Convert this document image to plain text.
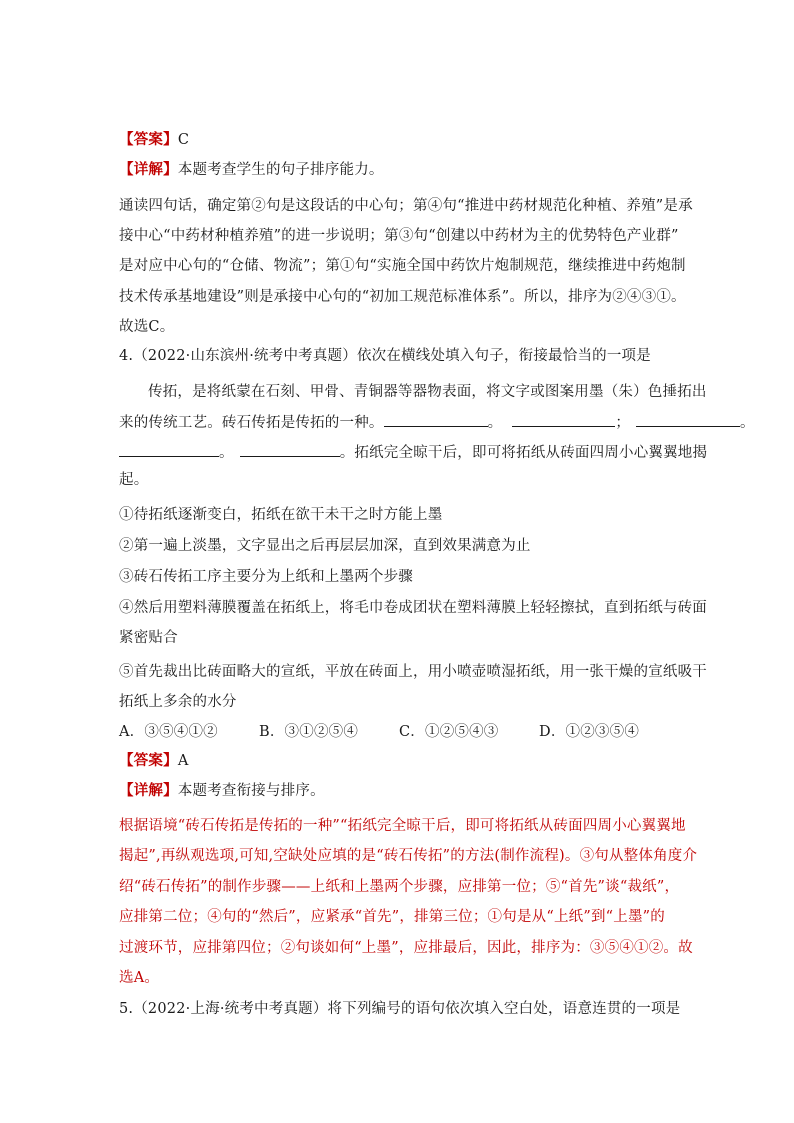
【答案】C
【详解】本题考查学生的句子排序能力。
通读四句话，确定第②句是这段话的中心句；第④句“推进中药材规范化种植、养殖”是承
接中心“中药材种植养殖”的进一步说明；第③句“创建以中药材为主的优势特色产业群”
是对应中心句的“仓储、物流”；第①句“实施全国中药饮片炮制规范，继续推进中药炮制
技术传承基地建设”则是承接中心句的“初加工规范标准体系”。所以，排序为②④③①。
故选C。
4.（2022·山东滨州·统考中考真题）依次在横线处填入句子，衔接最恰当的一项是
传拓，是将纸蒙在石刻、甲骨、青铜器等器物表面，将文字或图案用墨（朱）色捶拓出
来的传统工艺。砖石传拓是传拓的一种。	。	；	。
。	。拓纸完全晾干后，即可将拓纸从砖面四周小心翼翼地揭
起。
①待拓纸逐渐变白，拓纸在欲干未干之时方能上墨
②第一遍上淡墨，文字显出之后再层层加深，直到效果满意为止
③砖石传拓工序主要分为上纸和上墨两个步骤
④然后用塑料薄膜覆盖在拓纸上，将毛巾卷成团状在塑料薄膜上轻轻擦拭，直到拓纸与砖面
紧密贴合
⑤首先裁出比砖面略大的宣纸，平放在砖面上，用小喷壶喷湿拓纸，用一张干燥的宣纸吸干
拓纸上多余的水分
A．③⑤④①②	B．③①②⑤④	C．①②⑤④③	D．①②③⑤④
【答案】A
【详解】本题考查衔接与排序。
根据语境“砖石传拓是传拓的一种”“拓纸完全晾干后，即可将拓纸从砖面四周小心翼翼地
揭起”,再纵观选项,可知,空缺处应填的是“砖石传拓”的方法(制作流程)。③句从整体角度介
绍“砖石传拓”的制作步骤——上纸和上墨两个步骤，应排第一位；⑤“首先”谈“裁纸”，
应排第二位；④句的“然后”，应紧承“首先”，排第三位；①句是从“上纸”到“上墨”的
过渡环节，应排第四位；②句谈如何“上墨”，应排最后，因此，排序为：③⑤④①②。故
选A。
5.（2022·上海·统考中考真题）将下列编号的语句依次填入空白处，语意连贯的一项是
